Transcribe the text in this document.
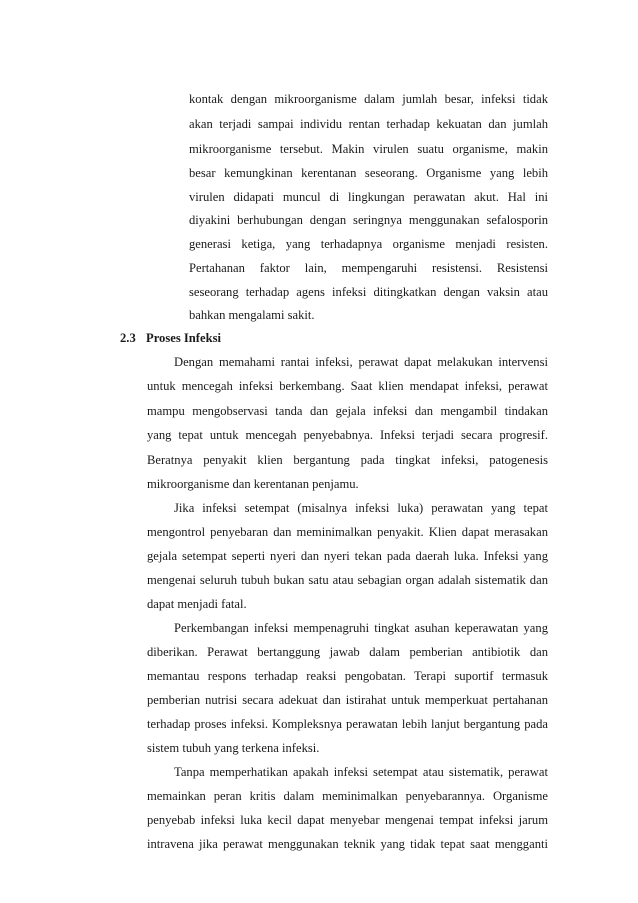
kontak dengan mikroorganisme dalam jumlah besar, infeksi tidak
akan terjadi sampai individu rentan terhadap kekuatan dan jumlah
mikroorganisme tersebut. Makin virulen suatu organisme, makin
besar kemungkinan kerentanan seseorang. Organisme yang lebih
virulen didapati muncul di lingkungan perawatan akut. Hal ini
diyakini berhubungan dengan seringnya menggunakan sefalosporin
generasi ketiga, yang terhadapnya organisme menjadi resisten.
Pertahanan faktor lain, mempengaruhi resistensi. Resistensi
seseorang terhadap agens infeksi ditingkatkan dengan vaksin atau
bahkan mengalami sakit.
2.3 Proses Infeksi
Dengan memahami rantai infeksi, perawat dapat melakukan intervensi
untuk mencegah infeksi berkembang. Saat klien mendapat infeksi, perawat
mampu mengobservasi tanda dan gejala infeksi dan mengambil tindakan
yang tepat untuk mencegah penyebabnya. Infeksi terjadi secara progresif.
Beratnya penyakit klien bergantung pada tingkat infeksi, patogenesis
mikroorganisme dan kerentanan penjamu.
Jika infeksi setempat (misalnya infeksi luka) perawatan yang tepat
mengontrol penyebaran dan meminimalkan penyakit. Klien dapat merasakan
gejala setempat seperti nyeri dan nyeri tekan pada daerah luka. Infeksi yang
mengenai seluruh tubuh bukan satu atau sebagian organ adalah sistematik dan
dapat menjadi fatal.
Perkembangan infeksi mempenagruhi tingkat asuhan keperawatan yang
diberikan. Perawat bertanggung jawab dalam pemberian antibiotik dan
memantau respons terhadap reaksi pengobatan. Terapi suportif termasuk
pemberian nutrisi secara adekuat dan istirahat untuk memperkuat pertahanan
terhadap proses infeksi. Kompleksnya perawatan lebih lanjut bergantung pada
sistem tubuh yang terkena infeksi.
Tanpa memperhatikan apakah infeksi setempat atau sistematik, perawat
memainkan peran kritis dalam meminimalkan penyebarannya. Organisme
penyebab infeksi luka kecil dapat menyebar mengenai tempat infeksi jarum
intravena jika perawat menggunakan teknik yang tidak tepat saat mengganti
